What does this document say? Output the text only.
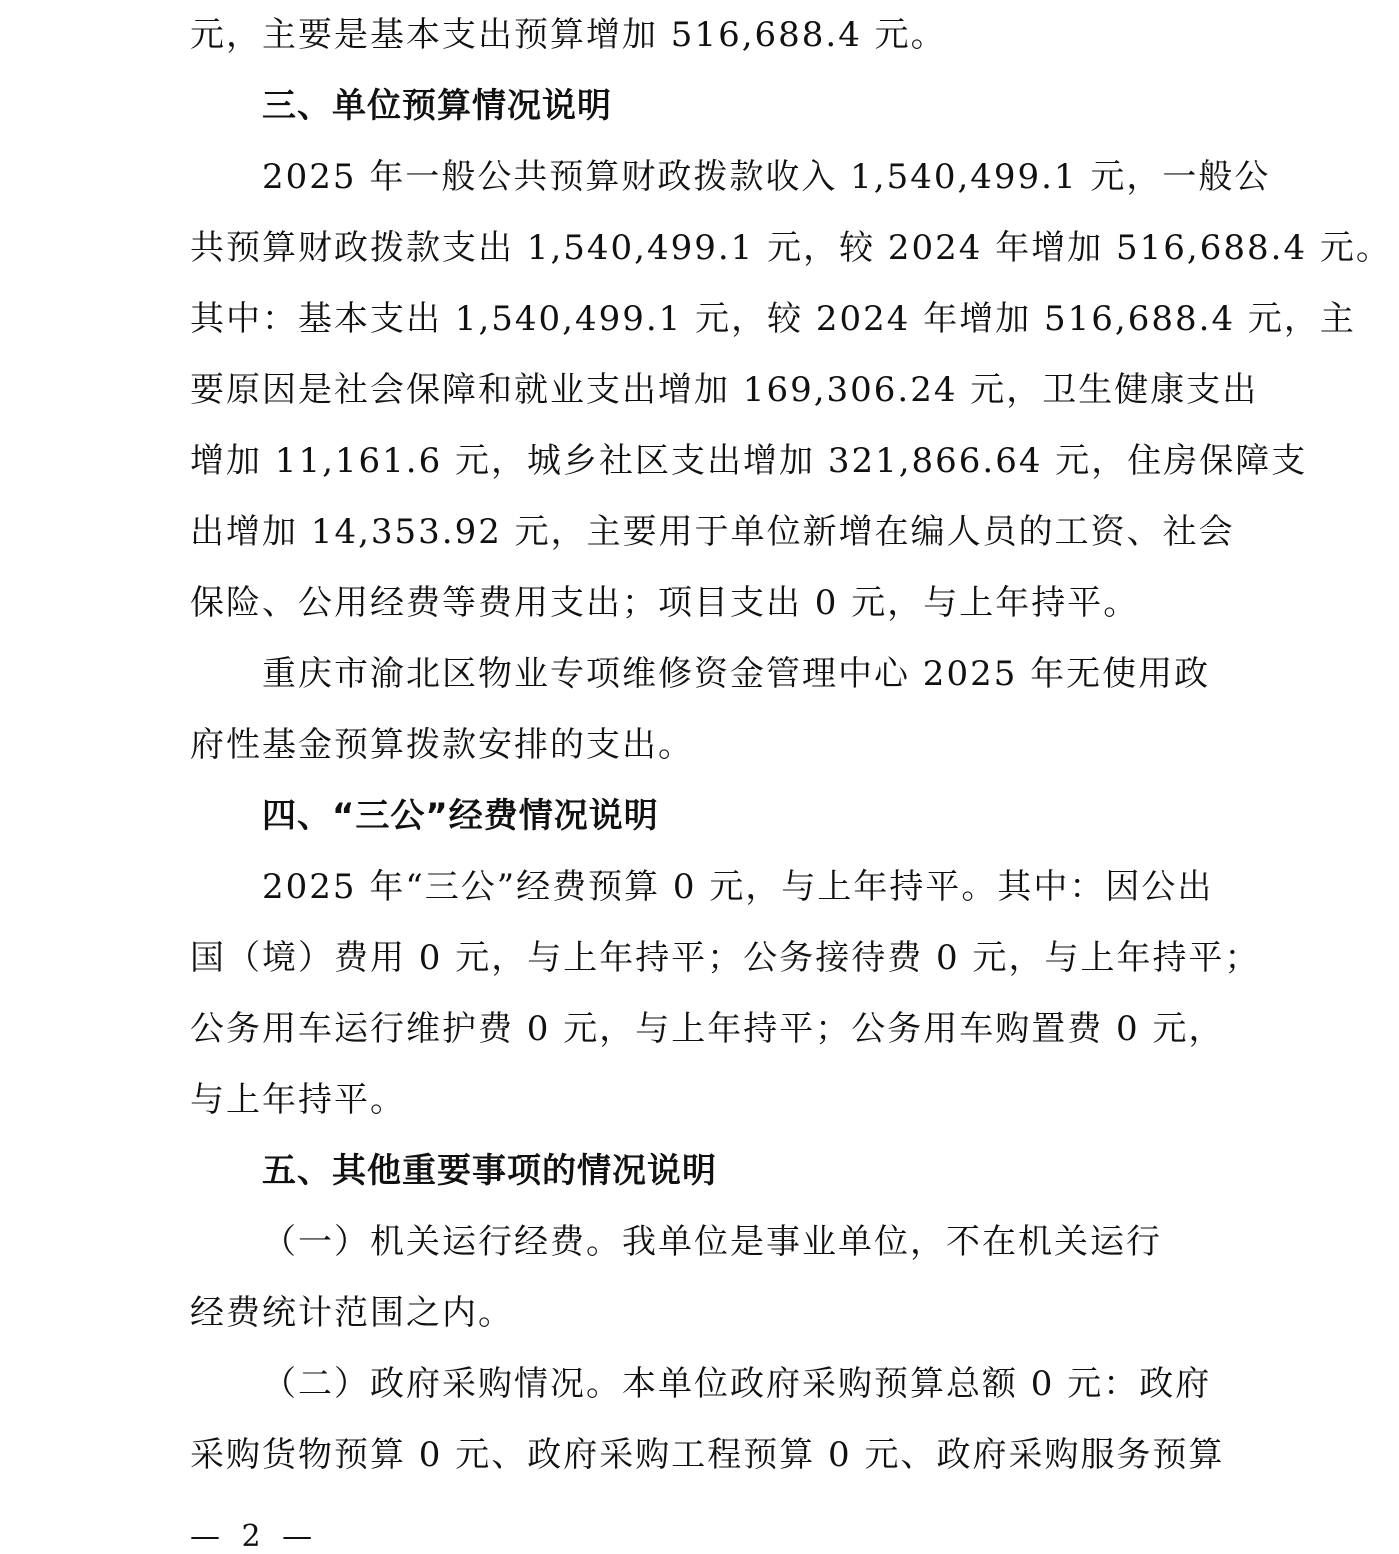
元，主要是基本支出预算增加 516,688.4 元。
三、单位预算情况说明
2025 年一般公共预算财政拨款收入 1,540,499.1 元，一般公
共预算财政拨款支出 1,540,499.1 元，较 2024 年增加 516,688.4 元。
其中：基本支出 1,540,499.1 元，较 2024 年增加 516,688.4 元，主
要原因是社会保障和就业支出增加 169,306.24 元，卫生健康支出
增加 11,161.6 元，城乡社区支出增加 321,866.64 元，住房保障支
出增加 14,353.92 元，主要用于单位新增在编人员的工资、社会
保险、公用经费等费用支出；项目支出 0 元，与上年持平。
重庆市渝北区物业专项维修资金管理中心 2025 年无使用政
府性基金预算拨款安排的支出。
四、“三公”经费情况说明
2025 年“三公”经费预算 0 元，与上年持平。其中：因公出
国（境）费用 0 元，与上年持平；公务接待费 0 元，与上年持平；
公务用车运行维护费 0 元，与上年持平；公务用车购置费 0 元，
与上年持平。
五、其他重要事项的情况说明
（一）机关运行经费。我单位是事业单位，不在机关运行
经费统计范围之内。
（二）政府采购情况。本单位政府采购预算总额 0 元：政府
采购货物预算 0 元、政府采购工程预算 0 元、政府采购服务预算
— 2 —
